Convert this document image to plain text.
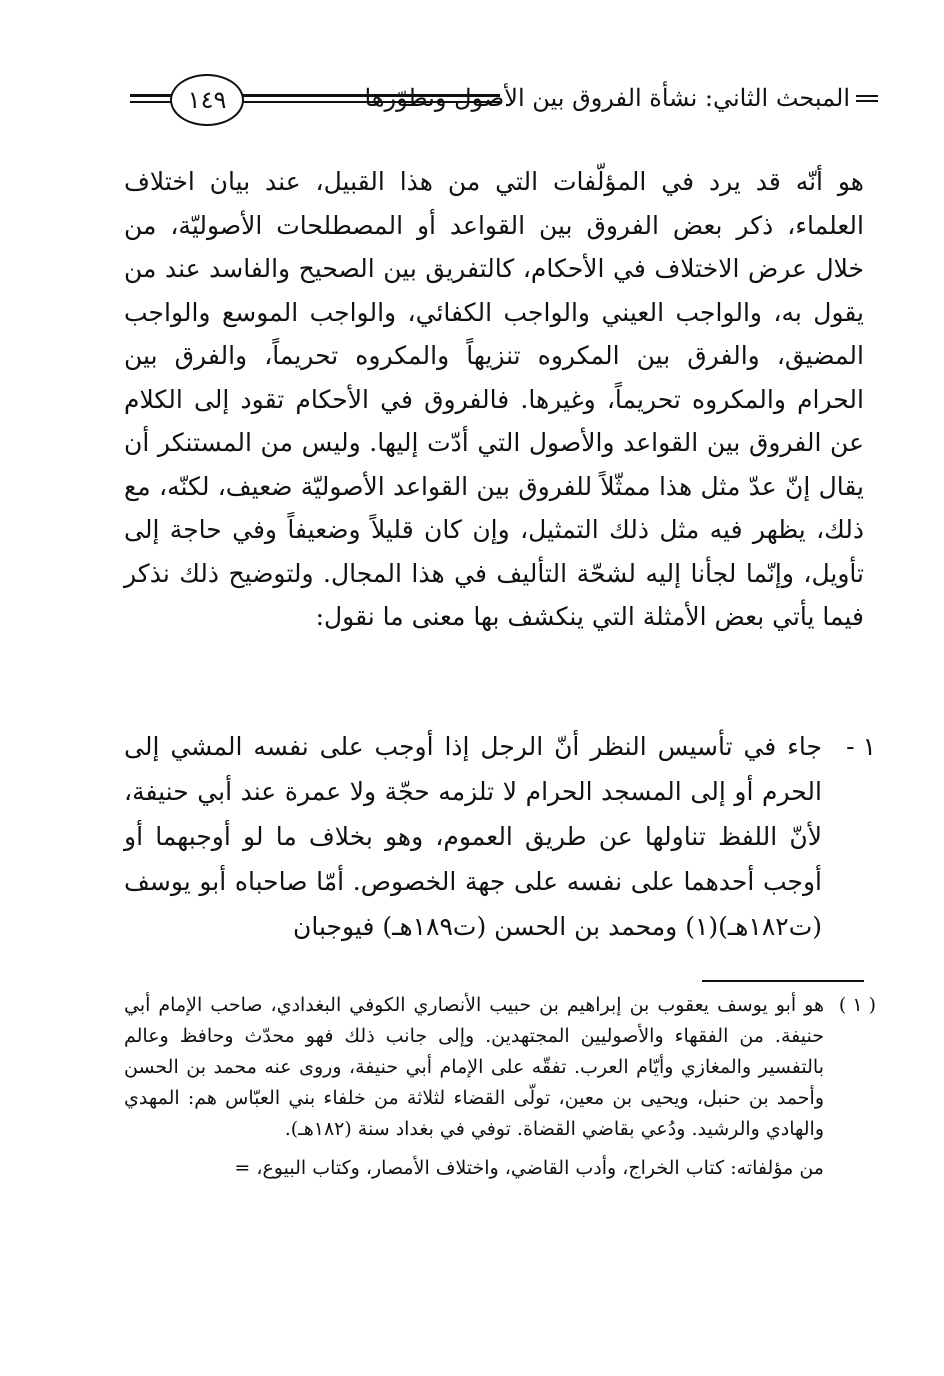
المبحث الثاني: نشأة الفروق بين الأصول وتطوّرها
١٤٩

هو أنّه قد يرد في المؤلّفات التي من هذا القبيل، عند بيان اختلاف العلماء، ذكر بعض الفروق بين القواعد أو المصطلحات الأصوليّة، من خلال عرض الاختلاف في الأحكام، كالتفريق بين الصحيح والفاسد عند من يقول به، والواجب العيني والواجب الكفائي، والواجب الموسع والواجب المضيق، والفرق بين المكروه تنزيهاً والمكروه تحريماً، والفرق بين الحرام والمكروه تحريماً، وغيرها. فالفروق في الأحكام تقود إلى الكلام عن الفروق بين القواعد والأصول التي أدّت إليها. وليس من المستنكر أن يقال إنّ عدّ مثل هذا ممثّلاً للفروق بين القواعد الأصوليّة ضعيف، لكنّه، مع ذلك، يظهر فيه مثل ذلك التمثيل، وإن كان قليلاً وضعيفاً وفي حاجة إلى تأويل، وإنّما لجأنا إليه لشحّة التأليف في هذا المجال. ولتوضيح ذلك نذكر فيما يأتي بعض الأمثلة التي ينكشف بها معنى ما نقول:

١ -
جاء في تأسيس النظر أنّ الرجل إذا أوجب على نفسه المشي إلى الحرم أو إلى المسجد الحرام لا تلزمه حجّة ولا عمرة عند أبي حنيفة، لأنّ اللفظ تناولها عن طريق العموم، وهو بخلاف ما لو أوجبهما أو أوجب أحدهما على نفسه على جهة الخصوص. أمّا صاحباه أبو يوسف (ت١٨٢هـ)(١) ومحمد بن الحسن (ت١٨٩هـ) فيوجبان
( ١ )
هو أبو يوسف يعقوب بن إبراهيم بن حبيب الأنصاري الكوفي البغدادي، صاحب الإمام أبي حنيفة. من الفقهاء والأصوليين المجتهدين. وإلى جانب ذلك فهو محدّث وحافظ وعالم بالتفسير والمغازي وأيّام العرب. تفقّه على الإمام أبي حنيفة، وروى عنه محمد بن الحسن وأحمد بن حنبل، ويحيى بن معين، تولّى القضاء لثلاثة من خلفاء بني العبّاس هم: المهدي والهادي والرشيد. ودُعي بقاضي القضاة. توفي في بغداد سنة (١٨٢هـ).
من مؤلفاته: كتاب الخراج، وأدب القاضي، واختلاف الأمصار، وكتاب البيوع، =
